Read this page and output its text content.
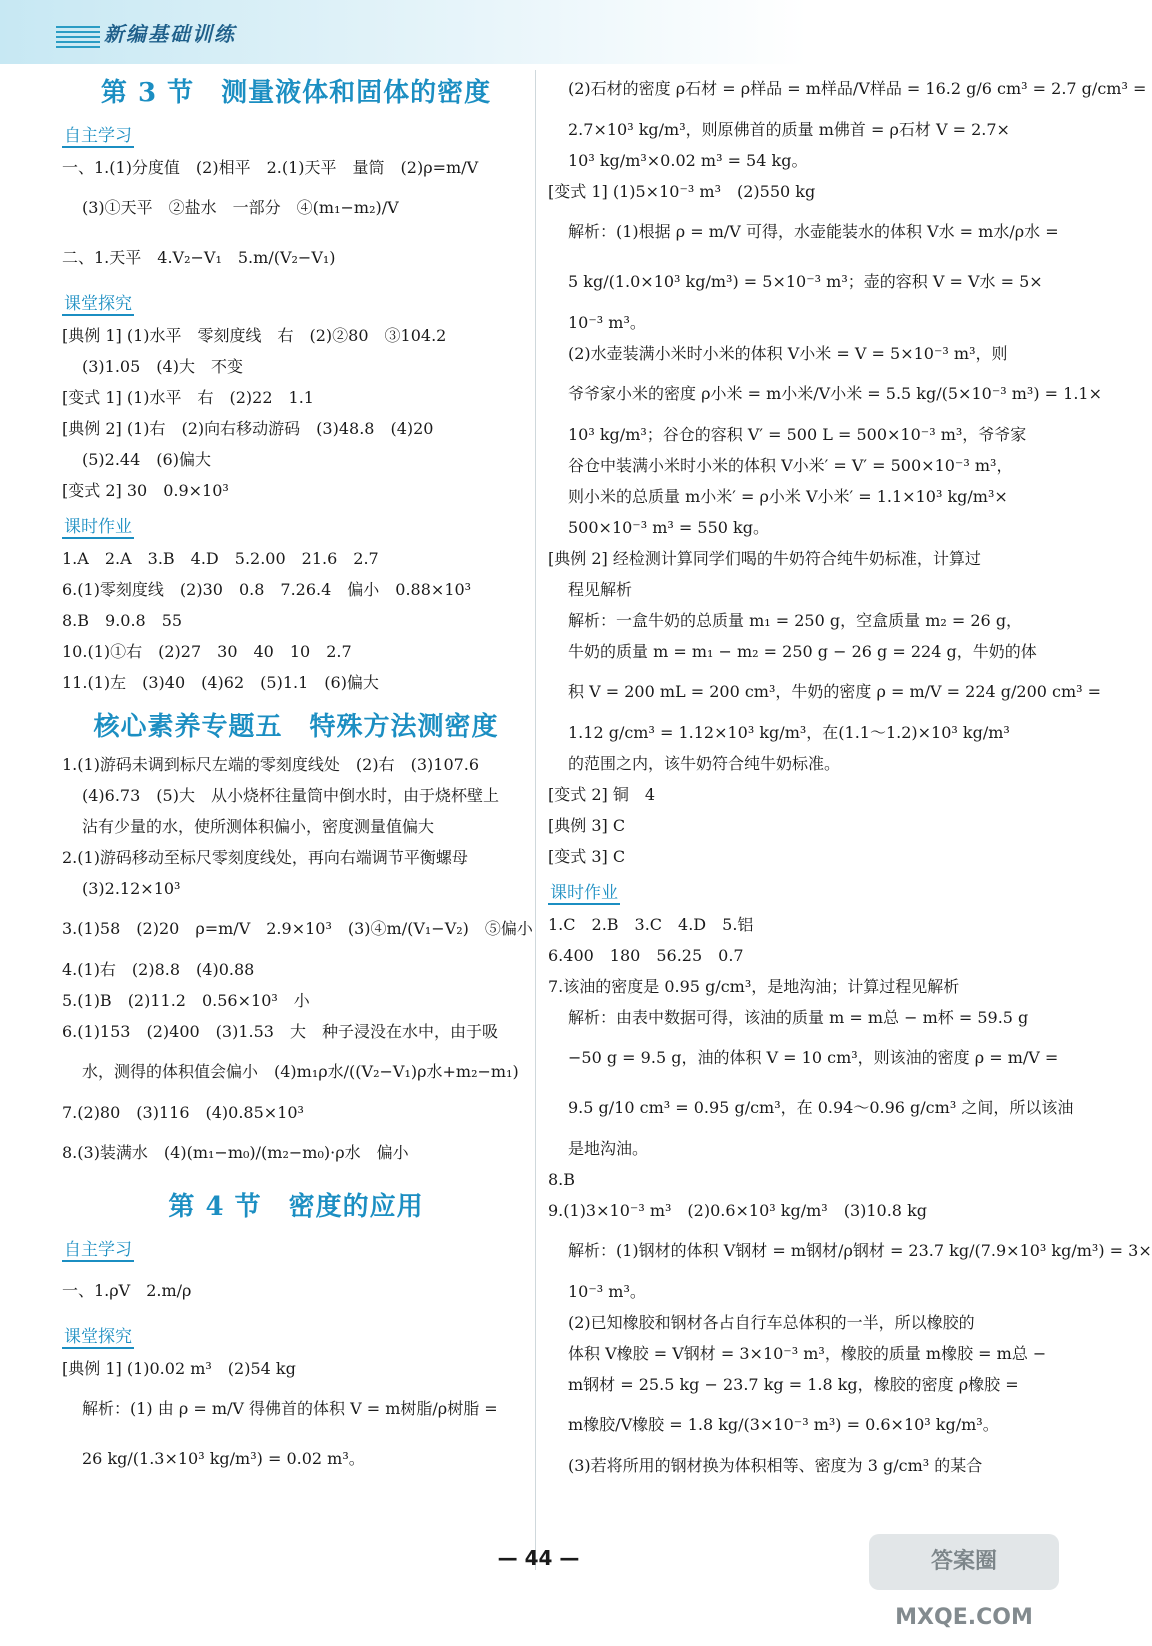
新编基础训练
第 3 节　测量液体和固体的密度
自主学习
一、1.(1)分度值　(2)相平　2.(1)天平　量筒　(2)ρ=m/V
(3)①天平　②盐水　一部分　④(m₁−m₂)/V
二、1.天平　4.V₂−V₁　5.m/(V₂−V₁)
课堂探究
[典例 1] (1)水平　零刻度线　右　(2)②80　③104.2
(3)1.05　(4)大　不变
[变式 1] (1)水平　右　(2)22　1.1
[典例 2] (1)右　(2)向右移动游码　(3)48.8　(4)20
(5)2.44　(6)偏大
[变式 2] 30　0.9×10³
课时作业
1.A　2.A　3.B　4.D　5.2.00　21.6　2.7
6.(1)零刻度线　(2)30　0.8　7.26.4　偏小　0.88×10³
8.B　9.0.8　55
10.(1)①右　(2)27　30　40　10　2.7
11.(1)左　(3)40　(4)62　(5)1.1　(6)偏大
核心素养专题五　特殊方法测密度
1.(1)游码未调到标尺左端的零刻度线处　(2)右　(3)107.6
(4)6.73　(5)大　从小烧杯往量筒中倒水时，由于烧杯壁上
沾有少量的水，使所测体积偏小，密度测量值偏大
2.(1)游码移动至标尺零刻度线处，再向右端调节平衡螺母
(3)2.12×10³
3.(1)58　(2)20　ρ=m/V　2.9×10³　(3)④m/(V₁−V₂)　⑤偏小
4.(1)右　(2)8.8　(4)0.88
5.(1)B　(2)11.2　0.56×10³　小
6.(1)153　(2)400　(3)1.53　大　种子浸没在水中，由于吸
水，测得的体积值会偏小　(4)m₁ρ水/((V₂−V₁)ρ水+m₂−m₁)
7.(2)80　(3)116　(4)0.85×10³
8.(3)装满水　(4)(m₁−m₀)/(m₂−m₀)·ρ水　偏小
第 4 节　密度的应用
自主学习
一、1.ρV　2.m/ρ
课堂探究
[典例 1] (1)0.02 m³　(2)54 kg
解析：(1) 由 ρ = m/V 得佛首的体积 V = m树脂/ρ树脂 =
26 kg/(1.3×10³ kg/m³) = 0.02 m³。
(2)石材的密度 ρ石材 = ρ样品 = m样品/V样品 = 16.2 g/6 cm³ = 2.7 g/cm³ =
2.7×10³ kg/m³，则原佛首的质量 m佛首 = ρ石材 V = 2.7×
10³ kg/m³×0.02 m³ = 54 kg。
[变式 1] (1)5×10⁻³ m³　(2)550 kg
解析：(1)根据 ρ = m/V 可得，水壶能装水的体积 V水 = m水/ρ水 =
5 kg/(1.0×10³ kg/m³) = 5×10⁻³ m³；壶的容积 V = V水 = 5×
10⁻³ m³。
(2)水壶装满小米时小米的体积 V小米 = V = 5×10⁻³ m³，则
爷爷家小米的密度 ρ小米 = m小米/V小米 = 5.5 kg/(5×10⁻³ m³) = 1.1×
10³ kg/m³；谷仓的容积 V′ = 500 L = 500×10⁻³ m³，爷爷家
谷仓中装满小米时小米的体积 V小米′ = V′ = 500×10⁻³ m³，
则小米的总质量 m小米′ = ρ小米 V小米′ = 1.1×10³ kg/m³×
500×10⁻³ m³ = 550 kg。
[典例 2] 经检测计算同学们喝的牛奶符合纯牛奶标准，计算过
程见解析
解析：一盒牛奶的总质量 m₁ = 250 g，空盒质量 m₂ = 26 g，
牛奶的质量 m = m₁ − m₂ = 250 g − 26 g = 224 g，牛奶的体
积 V = 200 mL = 200 cm³，牛奶的密度 ρ = m/V = 224 g/200 cm³ =
1.12 g/cm³ = 1.12×10³ kg/m³，在(1.1～1.2)×10³ kg/m³
的范围之内，该牛奶符合纯牛奶标准。
[变式 2] 铜　4
[典例 3] C
[变式 3] C
课时作业
1.C　2.B　3.C　4.D　5.铝
6.400　180　56.25　0.7
7.该油的密度是 0.95 g/cm³，是地沟油；计算过程见解析
解析：由表中数据可得，该油的质量 m = m总 − m杯 = 59.5 g
−50 g = 9.5 g，油的体积 V = 10 cm³，则该油的密度 ρ = m/V =
9.5 g/10 cm³ = 0.95 g/cm³，在 0.94～0.96 g/cm³ 之间，所以该油
是地沟油。
8.B
9.(1)3×10⁻³ m³　(2)0.6×10³ kg/m³　(3)10.8 kg
解析：(1)钢材的体积 V钢材 = m钢材/ρ钢材 = 23.7 kg/(7.9×10³ kg/m³) = 3×
10⁻³ m³。
(2)已知橡胶和钢材各占自行车总体积的一半，所以橡胶的
体积 V橡胶 = V钢材 = 3×10⁻³ m³，橡胶的质量 m橡胶 = m总 −
m钢材 = 25.5 kg − 23.7 kg = 1.8 kg，橡胶的密度 ρ橡胶 =
m橡胶/V橡胶 = 1.8 kg/(3×10⁻³ m³) = 0.6×10³ kg/m³。
(3)若将所用的钢材换为体积相等、密度为 3 g/cm³ 的某合
— 44 —	答案圈 MXQE.COM
